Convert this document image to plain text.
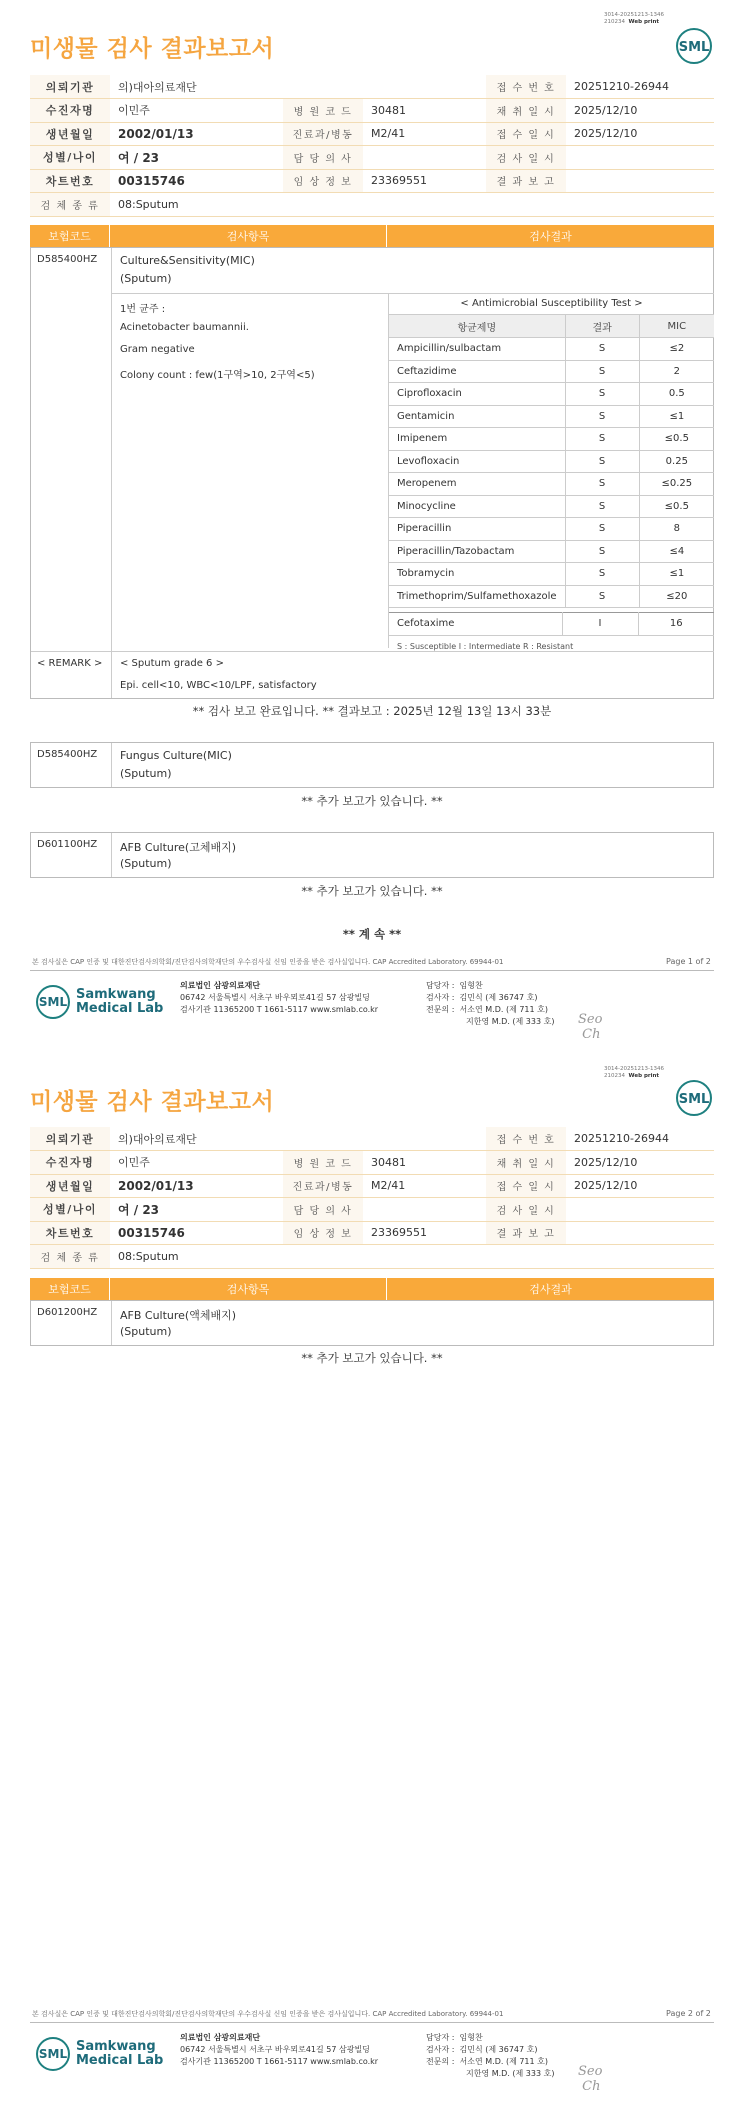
3014-20251213-1346
210234 Web print
SML
미생물 검사 결과보고서
의뢰기관	의)대아의료재단			접 수 번 호	20251210-26944
수진자명	이민주	병 원 코 드	30481	채 취 일 시	2025/12/10
생년월일	2002/01/13	진료과/병동	M2/41	접 수 일 시	2025/12/10
성별/나이	여 / 23	담 당 의 사		검 사 일 시	
차트번호	00315746	임 상 정 보	23369551	결 과 보 고	
검 체 종 류	08:Sputum				
보험코드	검사항목	검사결과
D585400HZ Culture&Sensitivity(MIC)
(Sputum)
1번 균주 :
Acinetobacter baumannii.
Gram negative
Colony count : few(1구역>10, 2구역<5)
< Antimicrobial Susceptibility Test >
항균제명	결과	MIC
Ampicillin/sulbactam	S	≤2
Ceftazidime	S	2
Ciprofloxacin	S	0.5
Gentamicin	S	≤1
Imipenem	S	≤0.5
Levofloxacin	S	0.25
Meropenem	S	≤0.25
Minocycline	S	≤0.5
Piperacillin	S	8
Piperacillin/Tazobactam	S	≤4
Tobramycin	S	≤1
Trimethoprim/Sulfamethoxazole	S	≤20
Cefotaxime	I	16
S : Susceptible I : Intermediate R : Resistant
< REMARK > < Sputum grade 6 >
Epi. cell<10, WBC<10/LPF, satisfactory
** 검사 보고 완료입니다. ** 결과보고 : 2025년 12월 13일 13시 33분
D585400HZ Fungus Culture(MIC)
(Sputum)
** 추가 보고가 있습니다. **
D601100HZ AFB Culture(고체배지)
(Sputum)
** 추가 보고가 있습니다. **
** 계 속 **
본 검사실은 CAP 인증 및 대한진단검사의학회/진단검사의학재단의 우수검사실 신임 인증을 받은 검사실입니다. CAP Accredited Laboratory. 69944-01	Page 1 of 2
SML Samkwang
Medical Lab
의료법인 삼광의료재단
06742 서울특별시 서초구 바우뫼로41길 57 삼광빌딩
검사기관 11365200 T 1661-5117 www.smlab.co.kr
담당자 : 임형찬
검사자 : 김민식 (제 36747 호)
전문의 : 서소연 M.D. (제 711 호)
지한영 M.D. (제 333 호) Seo
Ch
3014-20251213-1346
210234 Web print
SML
미생물 검사 결과보고서
의뢰기관	의)대아의료재단			접 수 번 호	20251210-26944
수진자명	이민주	병 원 코 드	30481	채 취 일 시	2025/12/10
생년월일	2002/01/13	진료과/병동	M2/41	접 수 일 시	2025/12/10
성별/나이	여 / 23	담 당 의 사		검 사 일 시	
차트번호	00315746	임 상 정 보	23369551	결 과 보 고	
검 체 종 류	08:Sputum				
보험코드	검사항목	검사결과
D601200HZ AFB Culture(액체배지)
(Sputum)
** 추가 보고가 있습니다. **
본 검사실은 CAP 인증 및 대한진단검사의학회/진단검사의학재단의 우수검사실 신임 인증을 받은 검사실입니다. CAP Accredited Laboratory. 69944-01	Page 2 of 2
SML Samkwang
Medical Lab
의료법인 삼광의료재단
06742 서울특별시 서초구 바우뫼로41길 57 삼광빌딩
검사기관 11365200 T 1661-5117 www.smlab.co.kr
담당자 : 임형찬
검사자 : 김민식 (제 36747 호)
전문의 : 서소연 M.D. (제 711 호)
지한영 M.D. (제 333 호) Seo
Ch
